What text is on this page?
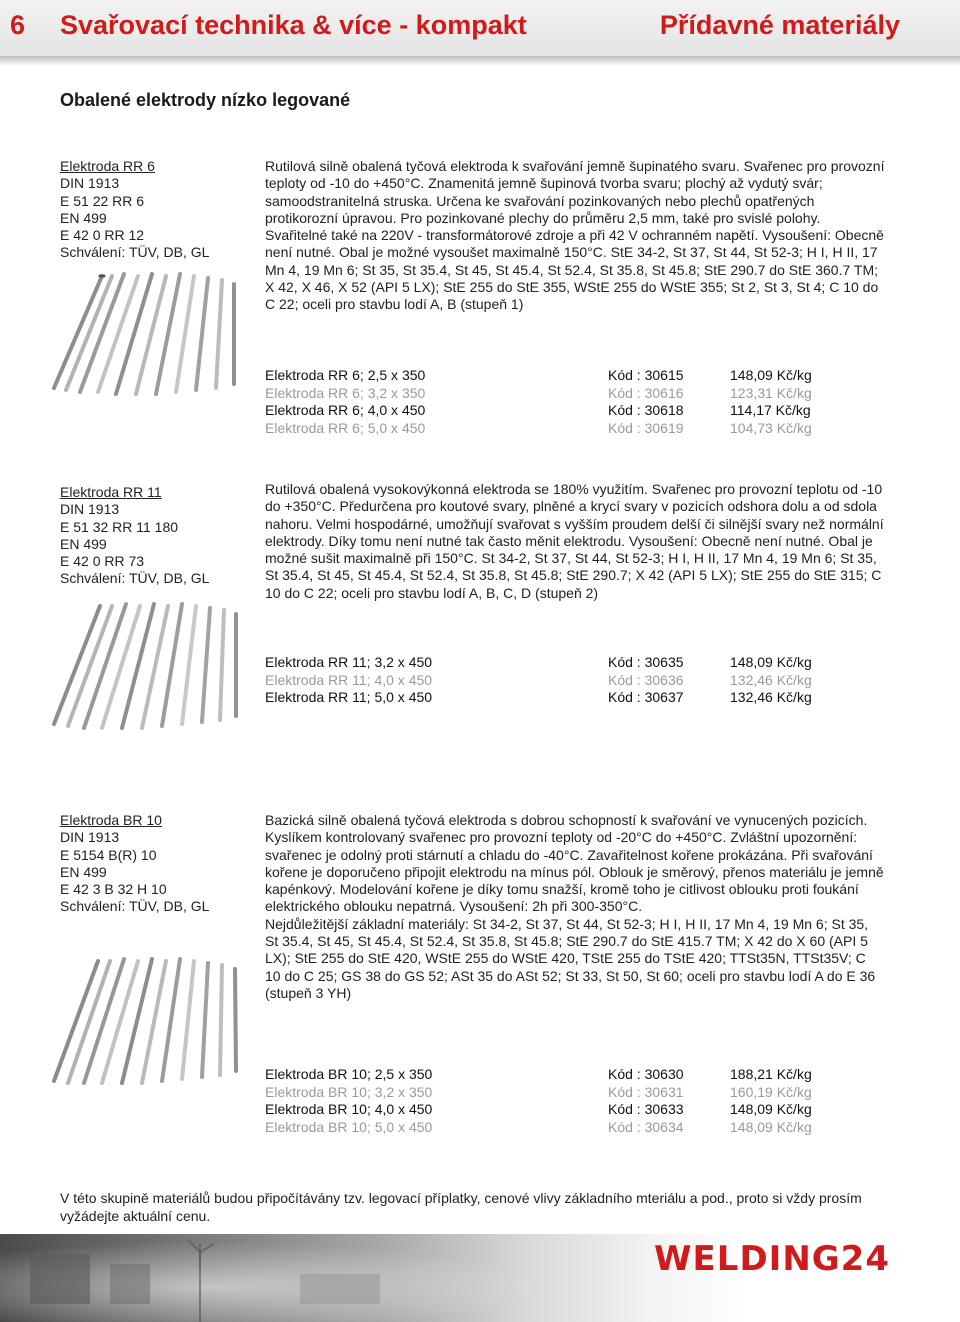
6 Svařovací technika & více - kompakt	Přídavné materiály
Obalené elektrody nízko legované
Elektroda RR 6
DIN 1913
E 51 22 RR 6
EN 499
E 42 0 RR 12
Schválení: TÜV, DB, GL

Rutilová silně obalená tyčová elektroda k svařování jemně šupinatého svaru. Svařenec pro provozní teploty od -10 do +450°C. Znamenitá jemně šupinová tvorba svaru; plochý až vydutý svár; samoodstranitelná struska. Určena ke svařování pozinkovaných nebo plechů opatřených protikorozní úpravou. Pro pozinkované plechy do průměru 2,5 mm, také pro svislé polohy. Svařitelné také na 220V - transformátorové zdroje a při 42 V ochranném napětí. Vysoušení: Obecně není nutné. Obal je možné vysoušet maximalně 150°C. StE 34-2, St 37, St 44, St 52-3; H I, H II, 17 Mn 4, 19 Mn 6; St 35, St 35.4, St 45, St 45.4, St 52.4, St 35.8, St 45.8; StE 290.7 do StE 360.7 TM; X 42, X 46, X 52 (API 5 LX); StE 255 do StE 355, WStE 255 do WStE 355; St 2, St 3, St 4; C 10 do C 22; oceli pro stavbu lodí A, B (stupeň 1)

Elektroda RR 6; 2,5 x 350	Kód : 30615	148,09 Kč/kg
Elektroda RR 6; 3,2 x 350	Kód : 30616	123,31 Kč/kg
Elektroda RR 6; 4,0 x 450	Kód : 30618	114,17 Kč/kg
Elektroda RR 6; 5,0 x 450	Kód : 30619	104,73 Kč/kg
Elektroda RR 11
DIN 1913
E 51 32 RR 11 180
EN 499
E 42 0 RR 73
Schválení: TÜV, DB, GL

Rutilová obalená vysokovýkonná elektroda se 180% využitím. Svařenec pro provozní teplotu od -10 do +350°C. Předurčena pro koutové svary, plněné a krycí svary v pozicích odshora dolu a od sdola nahoru. Velmi hospodárné, umožňují svařovat s vyšším proudem delší či silnější svary než normální elektrody. Díky tomu není nutné tak často měnit elektrodu. Vysoušení: Obecně není nutné. Obal je možné sušit maximalně při 150°C. St 34-2, St 37, St 44, St 52-3; H I, H II, 17 Mn 4, 19 Mn 6; St 35, St 35.4, St 45, St 45.4, St 52.4, St 35.8, St 45.8; StE 290.7; X 42 (API 5 LX); StE 255 do StE 315; C 10 do C 22; oceli pro stavbu lodí A, B, C, D (stupeň 2)

Elektroda RR 11; 3,2 x 450	Kód : 30635	148,09 Kč/kg
Elektroda RR 11; 4,0 x 450	Kód : 30636	132,46 Kč/kg
Elektroda RR 11; 5,0 x 450	Kód : 30637	132,46 Kč/kg
Elektroda BR 10
DIN 1913
E 5154 B(R) 10
EN 499
E 42 3 B 32 H 10
Schválení: TÜV, DB, GL

Bazická silně obalená tyčová elektroda s dobrou schopností k svařování ve vynucených pozicích. Kyslíkem kontrolovaný svařenec pro provozní teploty od -20°C do +450°C. Zvláštní upozornění: svařenec je odolný proti stárnutí a chladu do -40°C. Zavařitelnost kořene prokázána. Při svařování kořene je doporučeno připojit elektrodu na mínus pól. Oblouk je směrový, přenos materiálu je jemně kapénkový. Modelování kořene je díky tomu snažší, kromě toho je citlivost oblouku proti foukání elektrického oblouku nepatrná. Vysoušení: 2h při 300-350°C.

Nejdůležitější základní materiály: St 34-2, St 37, St 44, St 52-3; H I, H II, 17 Mn 4, 19 Mn 6; St 35, St 35.4, St 45, St 45.4, St 52.4, St 35.8, St 45.8; StE 290.7 do StE 415.7 TM; X 42 do X 60 (API 5 LX); StE 255 do StE 420, WStE 255 do WStE 420, TStE 255 do TStE 420; TTSt35N, TTSt35V; C 10 do C 25; GS 38 do GS 52; ASt 35 do ASt 52; St 33, St 50, St 60; oceli pro stavbu lodí A do E 36 (stupeň 3 YH)

Elektroda BR 10; 2,5 x 350	Kód : 30630	188,21 Kč/kg
Elektroda BR 10; 3,2 x 350	Kód : 30631	160,19 Kč/kg
Elektroda BR 10; 4,0 x 450	Kód : 30633	148,09 Kč/kg
Elektroda BR 10; 5,0 x 450	Kód : 30634	148,09 Kč/kg
V této skupině materiálů budou připočítávány tzv. legovací příplatky, cenové vlivy základního mteriálu a pod., proto si vždy prosím vyžádejte aktuální cenu.
WELDING24
